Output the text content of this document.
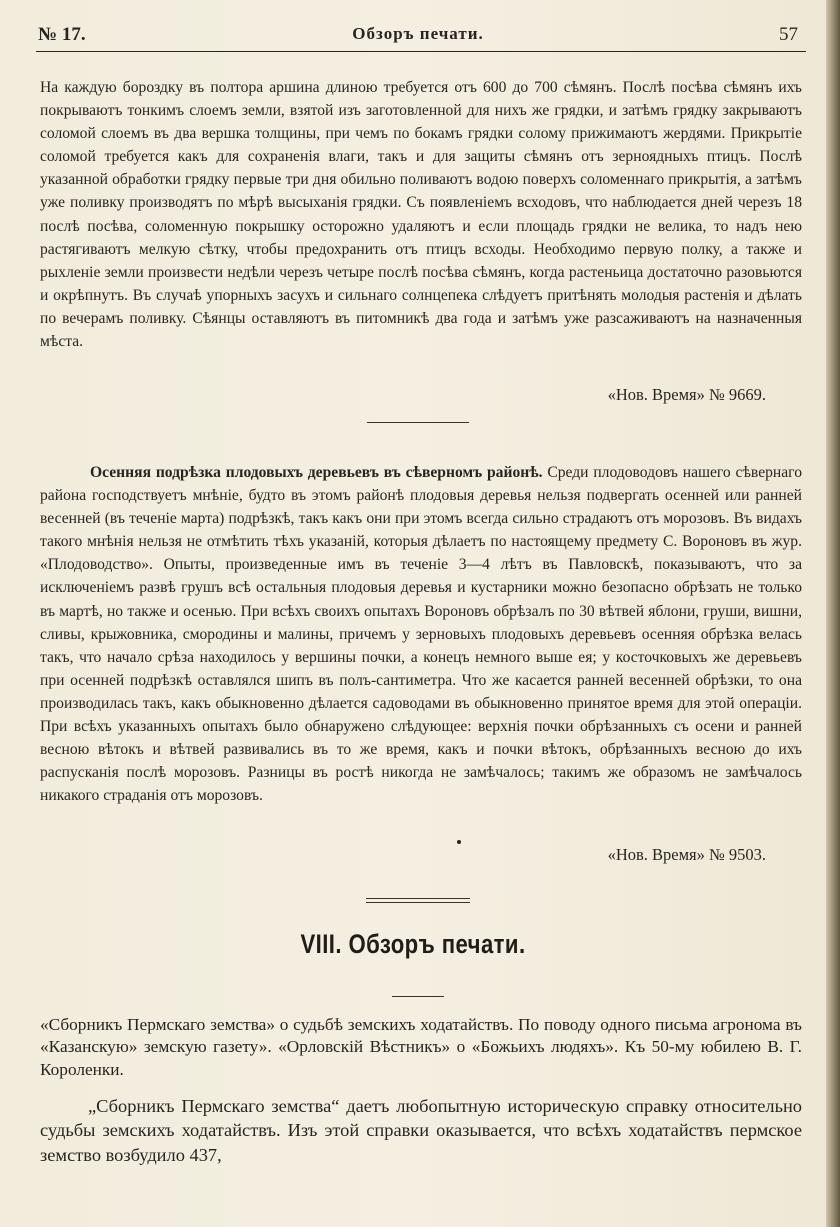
№ 17.	Обзоръ печати.	57
На каждую бороздку въ полтора аршина длиною требуется отъ 600 до 700 сѣмянъ. Послѣ посѣва сѣмянъ ихъ покрываютъ тонкимъ слоемъ земли, взятой изъ заготовленной для нихъ же грядки, и затѣмъ грядку закрываютъ соломой слоемъ въ два вершка толщины, при чемъ по бокамъ грядки солому прижимаютъ жердями. Прикрытіе соломой требуется какъ для сохраненія влаги, такъ и для защиты сѣмянъ отъ зерноядныхъ птицъ. Послѣ указанной обработки грядку первые три дня обильно поливаютъ водою поверхъ соломеннаго прикрытія, а затѣмъ уже поливку производятъ по мѣрѣ высыханія грядки. Съ появленіемъ всходовъ, что наблюдается дней черезъ 18 послѣ посѣва, соломенную покрышку осторожно удаляютъ и если площадь грядки не велика, то надъ нею растягиваютъ мелкую сѣтку, чтобы предохранить отъ птицъ всходы. Необходимо первую полку, а также и рыхленіе земли произвести недѣли черезъ четыре послѣ посѣва сѣмянъ, когда растеньица достаточно разовьются и окрѣпнутъ. Въ случаѣ упорныхъ засухъ и сильнаго солнцепека слѣдуетъ притѣнять молодыя растенія и дѣлать по вечерамъ поливку. Сѣянцы оставляютъ въ питомникѣ два года и затѣмъ уже разсаживаютъ на назначенныя мѣста.
«Нов. Время» № 9669.
Осенняя подрѣзка плодовыхъ деревьевъ въ сѣверномъ районѣ. Среди плодоводовъ нашего сѣвернаго района господствуетъ мнѣніе, будто въ этомъ районѣ плодовыя деревья нельзя подвергать осенней или ранней весенней (въ теченіе марта) подрѣзкѣ, такъ какъ они при этомъ всегда сильно страдаютъ отъ морозовъ. Въ видахъ такого мнѣнія нельзя не отмѣтить тѣхъ указаній, которыя дѣлаетъ по настоящему предмету С. Вороновъ въ жур. «Плодоводство». Опыты, произведенные имъ въ теченіе 3—4 лѣтъ въ Павловскѣ, показываютъ, что за исключеніемъ развѣ грушъ всѣ остальныя плодовыя деревья и кустарники можно безопасно обрѣзать не только въ мартѣ, но также и осенью. При всѣхъ своихъ опытахъ Вороновъ обрѣзалъ по 30 вѣтвей яблони, груши, вишни, сливы, крыжовника, смородины и малины, причемъ у зерновыхъ плодовыхъ деревьевъ осенняя обрѣзка велась такъ, что начало срѣза находилось у вершины почки, а конецъ немного выше ея; у косточковыхъ же деревьевъ при осенней подрѣзкѣ оставлялся шипъ въ полъ-сантиметра. Что же касается ранней весенней обрѣзки, то она производилась такъ, какъ обыкновенно дѣлается садоводами въ обыкновенно принятое время для этой операціи. При всѣхъ указанныхъ опытахъ было обнаружено слѣдующее: верхнія почки обрѣзанныхъ съ осени и ранней весною вѣтокъ и вѣтвей развивались въ то же время, какъ и почки вѣтокъ, обрѣзанныхъ весною до ихъ распусканія послѣ морозовъ. Разницы въ ростѣ никогда не замѣчалось; такимъ же образомъ не замѣчалось никакого страданія отъ морозовъ.
«Нов. Время» № 9503.
VIII. Обзоръ печати.
«Сборникъ Пермскаго земства» о судьбѣ земскихъ ходатайствъ. По поводу одного письма агронома въ «Казанскую» земскую газету». «Орловскій Вѣстникъ» о «Божьихъ людяхъ». Къ 50-му юбилею В. Г. Короленки.
„Сборникъ Пермскаго земства“ даетъ любопытную историческую справку относительно судьбы земскихъ ходатайствъ. Изъ этой справки оказывается, что всѣхъ ходатайствъ пермское земство возбудило 437,
